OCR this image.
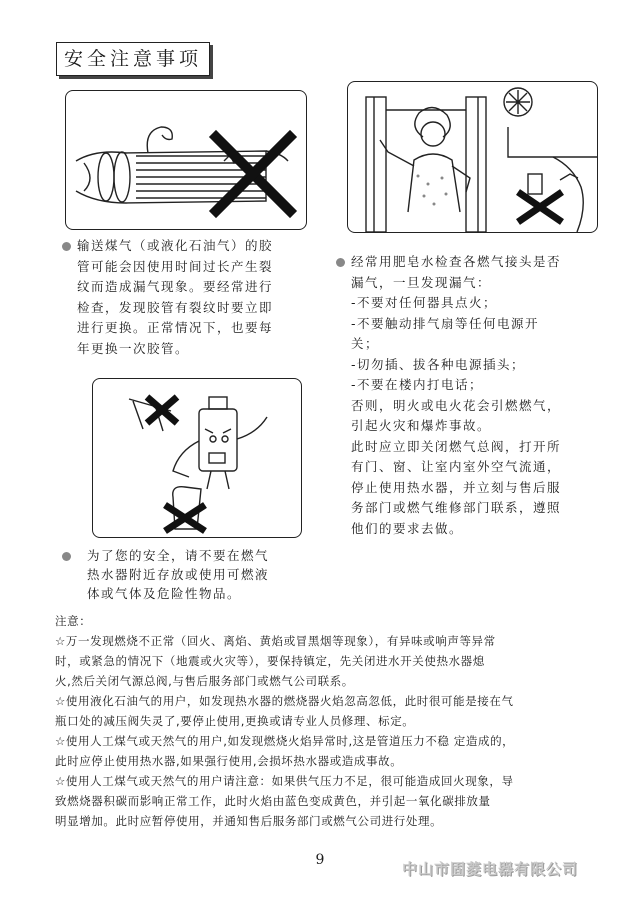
安全注意事项
输送煤气（或液化石油气）的胶
管可能会因使用时间过长产生裂
纹而造成漏气现象。要经常进行
检查，发现胶管有裂纹时要立即
进行更换。正常情况下，也要每
年更换一次胶管。
经常用肥皂水检查各燃气接头是否
漏气，一旦发现漏气：
-不要对任何器具点火；
-不要触动排气扇等任何电源开
关；
-切勿插、拔各种电源插头；
-不要在楼内打电话；
否则，明火或电火花会引燃燃气，
引起火灾和爆炸事故。
此时应立即关闭燃气总阀，打开所
有门、窗、让室内室外空气流通，
停止使用热水器，并立刻与售后服
务部门或燃气维修部门联系，遵照
他们的要求去做。
为了您的安全，请不要在燃气
热水器附近存放或使用可燃液
体或气体及危险性物品。
注意：
☆万一发现燃烧不正常（回火、离焰、黄焰或冒黑烟等现象），有异味或响声等异常
时，或紧急的情况下（地震或火灾等），要保持镇定，先关闭进水开关使热水器熄
火,然后关闭气源总阀,与售后服务部门或燃气公司联系。
☆使用液化石油气的用户，如发现热水器的燃烧器火焰忽高忽低，此时很可能是接在气
瓶口处的减压阀失灵了,要停止使用,更换或请专业人员修理、标定。
☆使用人工煤气或天然气的用户,如发现燃烧火焰异常时,这是管道压力不稳 定造成的，
此时应停止使用热水器,如果强行使用,会损坏热水器或造成事故。
☆使用人工煤气或天然气的用户请注意：如果供气压力不足，很可能造成回火现象，导
致燃烧器积碳而影响正常工作，此时火焰由蓝色变成黄色，并引起一氧化碳排放量
明显增加。此时应暂停使用，并通知售后服务部门或燃气公司进行处理。
9	中山市固菱电器有限公司
